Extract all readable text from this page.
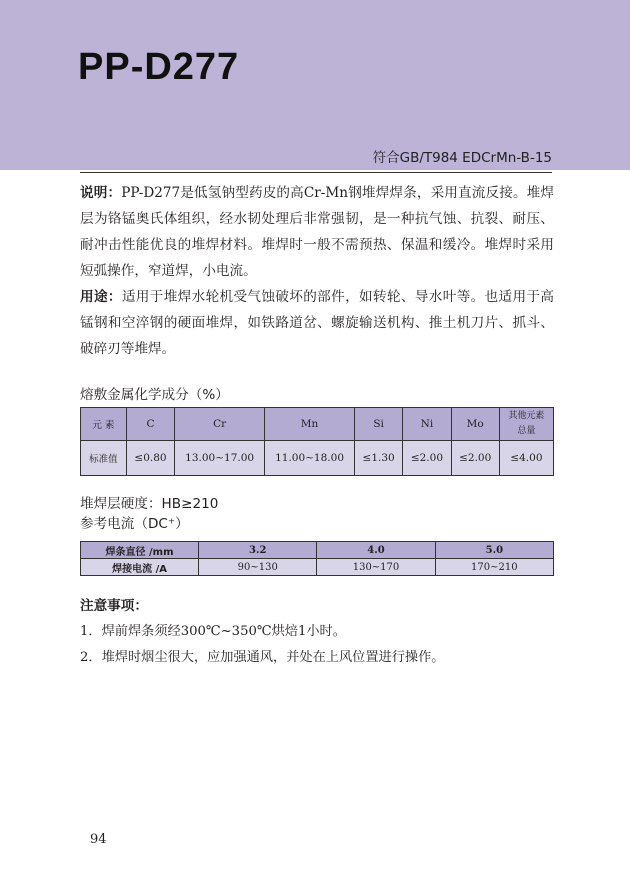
PP-D277
符合GB/T984 EDCrMn-B-15

说明：PP-D277是低氢钠型药皮的高Cr-Mn钢堆焊焊条，采用直流反接。堆焊层为铬锰奥氏体组织，经水韧处理后非常强韧，是一种抗气蚀、抗裂、耐压、耐冲击性能优良的堆焊材料。堆焊时一般不需预热、保温和缓冷。堆焊时采用短弧操作，窄道焊，小电流。

用途：适用于堆焊水轮机受气蚀破坏的部件，如转轮、导水叶等。也适用于高锰钢和空淬钢的硬面堆焊，如铁路道岔、螺旋输送机构、推土机刀片、抓斗、破碎刃等堆焊。

熔敷金属化学成分（%）
元 素	C	Cr	Mn	Si	Ni	Mo	其他元素总量
标准值	≤0.80	13.00~17.00	11.00~18.00	≤1.30	≤2.00	≤2.00	≤4.00
堆焊层硬度：HB≥210
参考电流（DC⁺）
焊条直径 /mm	3.2	4.0	5.0
焊接电流 /A	90~130	130~170	170~210
注意事项：
1．焊前焊条须经300℃~350℃烘焙1小时。
2．堆焊时烟尘很大，应加强通风，并处在上风位置进行操作。
94
